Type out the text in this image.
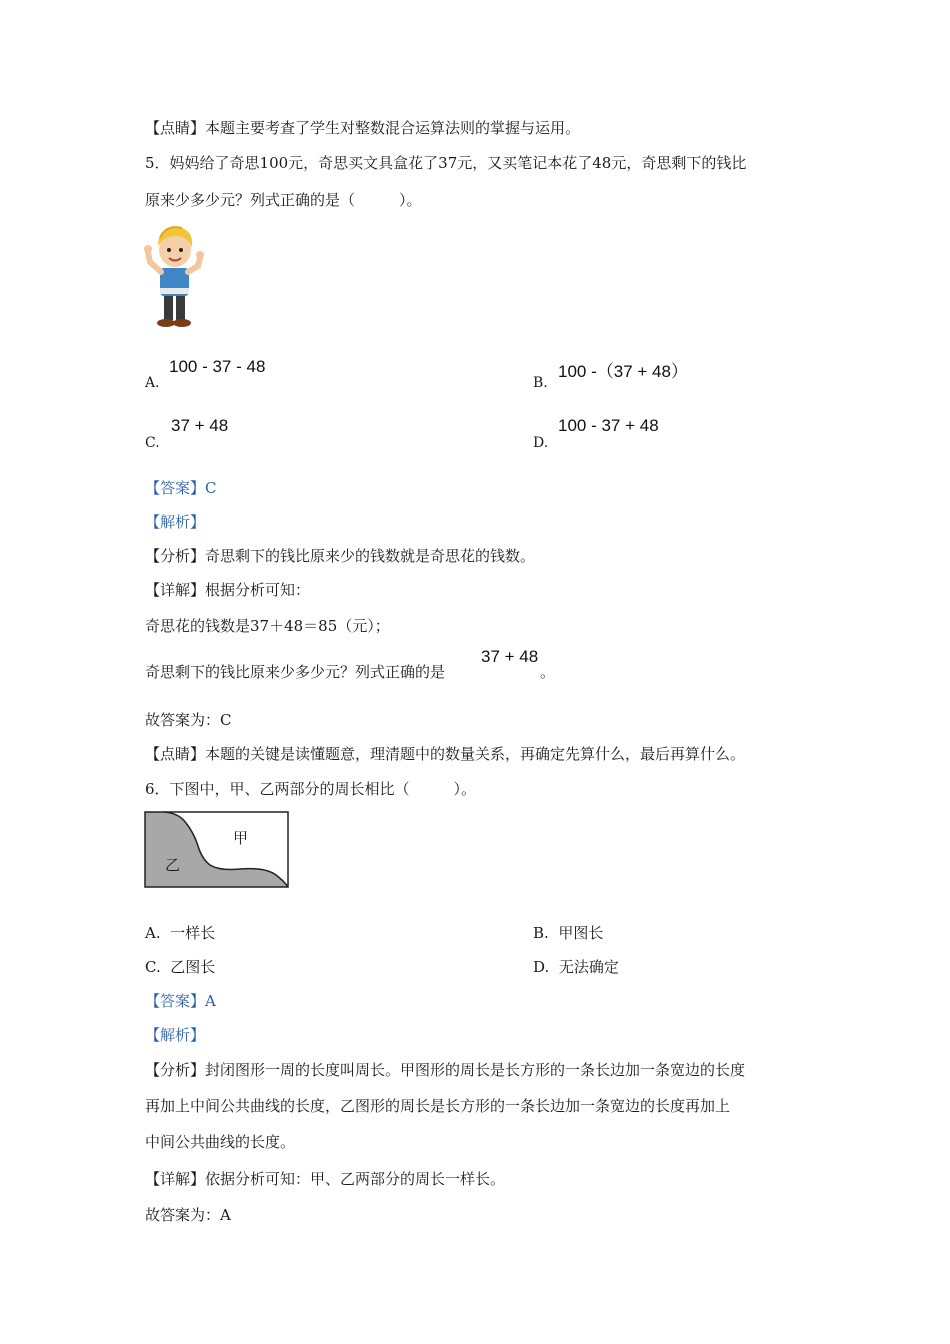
【点睛】本题主要考查了学生对整数混合运算法则的掌握与运用。
5．妈妈给了奇思100元，奇思买文具盒花了37元，又买笔记本花了48元，奇思剩下的钱比
原来少多少元？列式正确的是（	）。
A.
100 - 37 - 48
B.
100 -（37 + 48）
C.
37 + 48
D.
100 - 37 + 48
【答案】C
【解析】
【分析】奇思剩下的钱比原来少的钱数就是奇思花的钱数。
【详解】根据分析可知：
奇思花的钱数是37＋48＝85（元）；
奇思剩下的钱比原来少多少元？列式正确的是
37 + 48
。
故答案为：C
【点睛】本题的关键是读懂题意，理清题中的数量关系，再确定先算什么，最后再算什么。
6．下图中，甲、乙两部分的周长相比（	）。
甲
乙
A. 一样长	B. 甲图长
C. 乙图长	D. 无法确定
【答案】A
【解析】
【分析】封闭图形一周的长度叫周长。甲图形的周长是长方形的一条长边加一条宽边的长度
再加上中间公共曲线的长度，乙图形的周长是长方形的一条长边加一条宽边的长度再加上
中间公共曲线的长度。
【详解】依据分析可知：甲、乙两部分的周长一样长。
故答案为：A
